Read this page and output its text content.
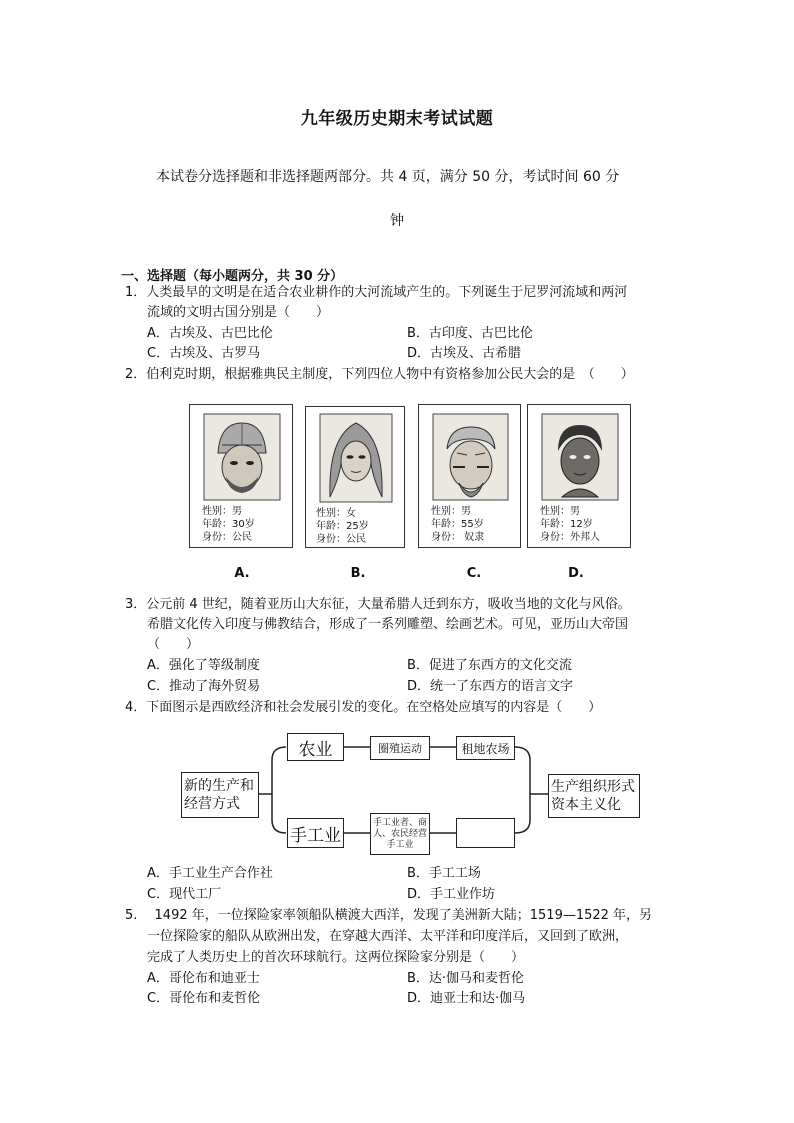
九年级历史期末考试试题
本试卷分选择题和非选择题两部分。共 4 页，满分 50 分，考试时间 60 分
钟
一、选择题（每小题两分，共 30 分）
1．人类最早的文明是在适合农业耕作的大河流域产生的。下列诞生于尼罗河流域和两河
流域的文明古国分别是（　　）
A．古埃及、古巴比伦	B．古印度、古巴比伦
C．古埃及、古罗马	D．古埃及、古希腊
2．伯利克时期，根据雅典民主制度，下列四位人物中有资格参加公民大会的是　（　　）
性别：男
年龄：30岁
身份：公民
性别：女
年龄：25岁
身份：公民
性别：男
年龄：55岁
身份： 奴隶
性别：男
年龄：12岁
身份：外邦人
A.	B.	C.	D.
3．公元前 4 世纪，随着亚历山大东征，大量希腊人迁到东方，吸收当地的文化与风俗。
希腊文化传入印度与佛教结合，形成了一系列雕塑、绘画艺术。可见，亚历山大帝国
（　　）
A．强化了等级制度	B．促进了东西方的文化交流
C．推动了海外贸易	D．统一了东西方的语言文字
4．下面图示是西欧经济和社会发展引发的变化。在空格处应填写的内容是（　　）
新的生产和经营方式
农业
手工业
圈殖运动	租地农场
手工业者、商人、农民经营手工业
生产组织形式资本主义化
A．手工业生产合作社	B．手工工场
C．现代工厂	D．手工业作坊
5.　 1492 年，一位探险家率领船队横渡大西洋，发现了美洲新大陆；1519—1522 年，另
一位探险家的船队从欧洲出发，在穿越大西洋、太平洋和印度洋后，又回到了欧洲，
完成了人类历史上的首次环球航行。这两位探险家分别是（　　）
A．哥伦布和迪亚士	B．达·伽马和麦哲伦
C．哥伦布和麦哲伦	D．迪亚士和达·伽马
